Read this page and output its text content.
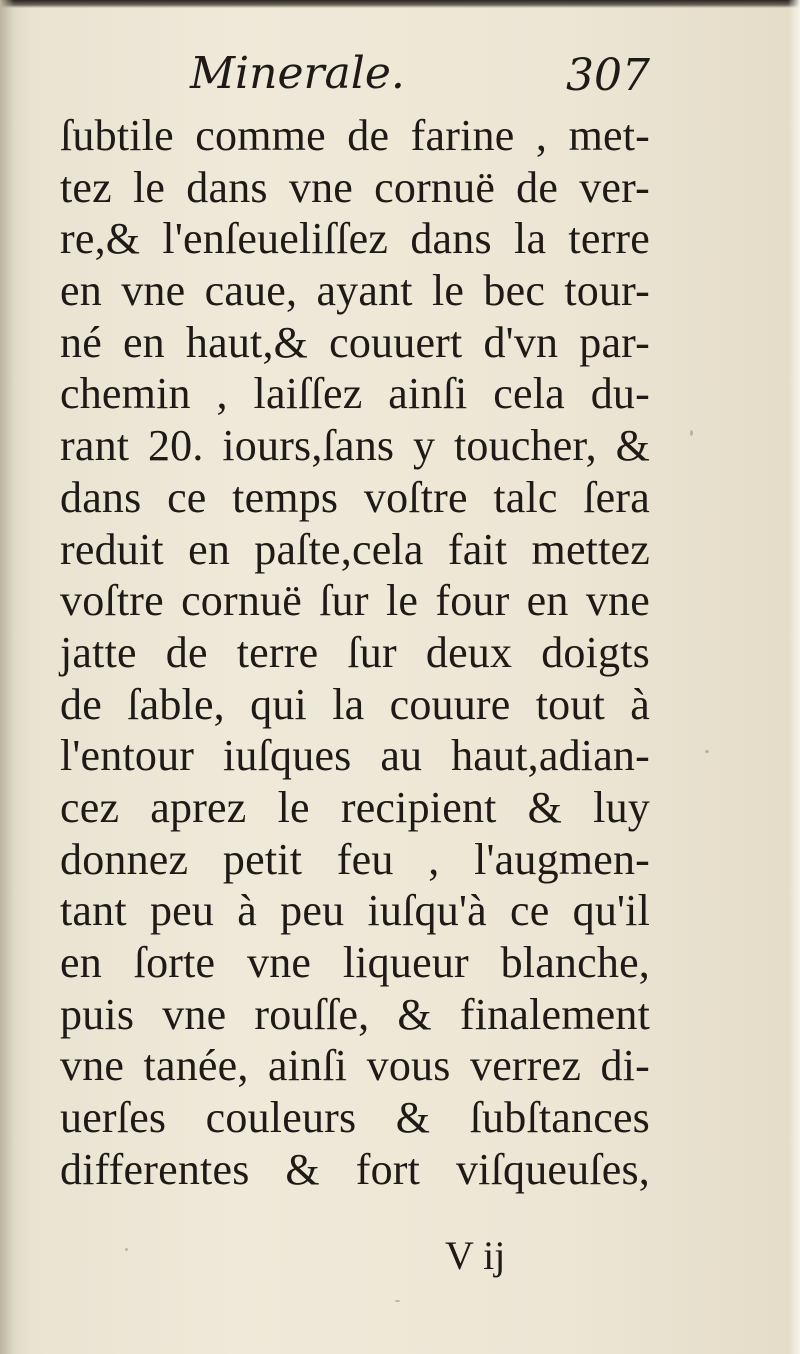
Minerale.	307
ſubtile comme de farine , met-
tez le dans vne cornuë de ver-
re,& l'enſeueliſſez dans la terre
en vne caue, ayant le bec tour-
né en haut,& couuert d'vn par-
chemin , laiſſez ainſi cela du-
rant 20. iours,ſans y toucher, &
dans ce temps voſtre talc ſera
reduit en paſte,cela fait mettez
voſtre cornuë ſur le four en vne
jatte de terre ſur deux doigts
de ſable, qui la couure tout à
l'entour iuſques au haut,adian-
cez aprez le recipient & luy
donnez petit feu , l'augmen-
tant peu à peu iuſqu'à ce qu'il
en ſorte vne liqueur blanche,
puis vne rouſſe, & finalement
vne tanée, ainſi vous verrez di-
uerſes couleurs & ſubſtances
differentes & fort viſqueuſes,
V ij
